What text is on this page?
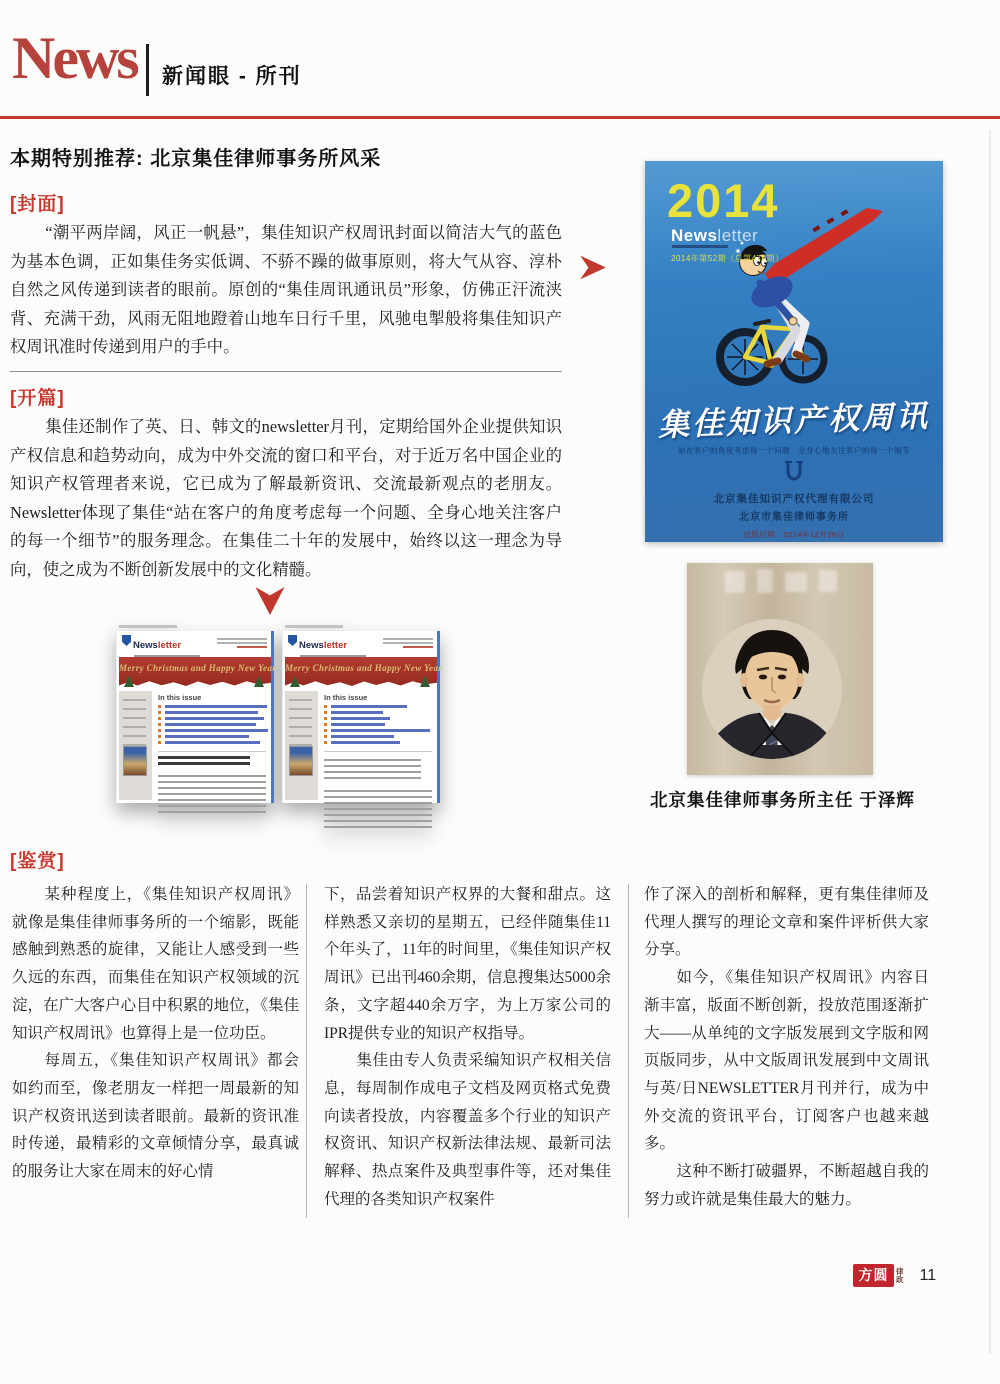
News 新闻眼 - 所刊
本期特别推荐: 北京集佳律师事务所风采
[封面]
“潮平两岸阔，风正一帆悬”，集佳知识产权周讯封面以简洁大气的蓝色为基本色调，正如集佳务实低调、不骄不躁的做事原则，将大气从容、淳朴自然之风传递到读者的眼前。原创的“集佳周讯通讯员”形象，仿佛正汗流浃背、充满干劲，风雨无阻地蹬着山地车日行千里，风驰电掣般将集佳知识产权周讯准时传递到用户的手中。
[开篇]
集佳还制作了英、日、韩文的newsletter月刊，定期给国外企业提供知识产权信息和趋势动向，成为中外交流的窗口和平台，对于近万名中国企业的知识产权管理者来说，它已成为了解最新资讯、交流最新观点的老朋友。Newsletter体现了集佳“站在客户的角度考虑每一个问题、全身心地关注客户的每一个细节”的服务理念。在集佳二十年的发展中，始终以这一理念为导向，使之成为不断创新发展中的文化精髓。
Newsletter
Merry Christmas and Happy New Year
In this issue
Newsletter
Merry Christmas and Happy New Year
In this issue
2014
Newsletter
2014年第52期（总第470期）
集佳知识产权周讯
站在客户的角度考虑每一个问题　全身心地关注客户的每一个细节
北京集佳知识产权代理有限公司
北京市集佳律师事务所
出版日期：2014年12月26日
北京集佳律师事务所主任 于泽辉
[鉴赏]

某种程度上，《集佳知识产权周讯》就像是集佳律师事务所的一个缩影，既能感触到熟悉的旋律，又能让人感受到一些久远的东西，而集佳在知识产权领域的沉淀，在广大客户心目中积累的地位，《集佳知识产权周讯》也算得上是一位功臣。

每周五，《集佳知识产权周讯》都会如约而至，像老朋友一样把一周最新的知识产权资讯送到读者眼前。最新的资讯准时传递，最精彩的文章倾情分享，最真诚的服务让大家在周末的好心情

下，品尝着知识产权界的大餐和甜点。这样熟悉又亲切的星期五，已经伴随集佳11个年头了，11年的时间里，《集佳知识产权周讯》已出刊460余期，信息搜集达5000余条，文字超440余万字，为上万家公司的IPR提供专业的知识产权指导。

集佳由专人负责采编知识产权相关信息，每周制作成电子文档及网页格式免费向读者投放，内容覆盖多个行业的知识产权资讯、知识产权新法律法规、最新司法解释、热点案件及典型事件等，还对集佳代理的各类知识产权案件

作了深入的剖析和解释，更有集佳律师及代理人撰写的理论文章和案件评析供大家分享。

如今，《集佳知识产权周讯》内容日渐丰富，版面不断创新，投放范围逐渐扩大——从单纯的文字版发展到文字版和网页版同步，从中文版周讯发展到中文周讯与英/日NEWSLETTER月刊并行，成为中外交流的资讯平台，订阅客户也越来越多。

这种不断打破疆界，不断超越自我的努力或许就是集佳最大的魅力。

方圆	律
政 11
